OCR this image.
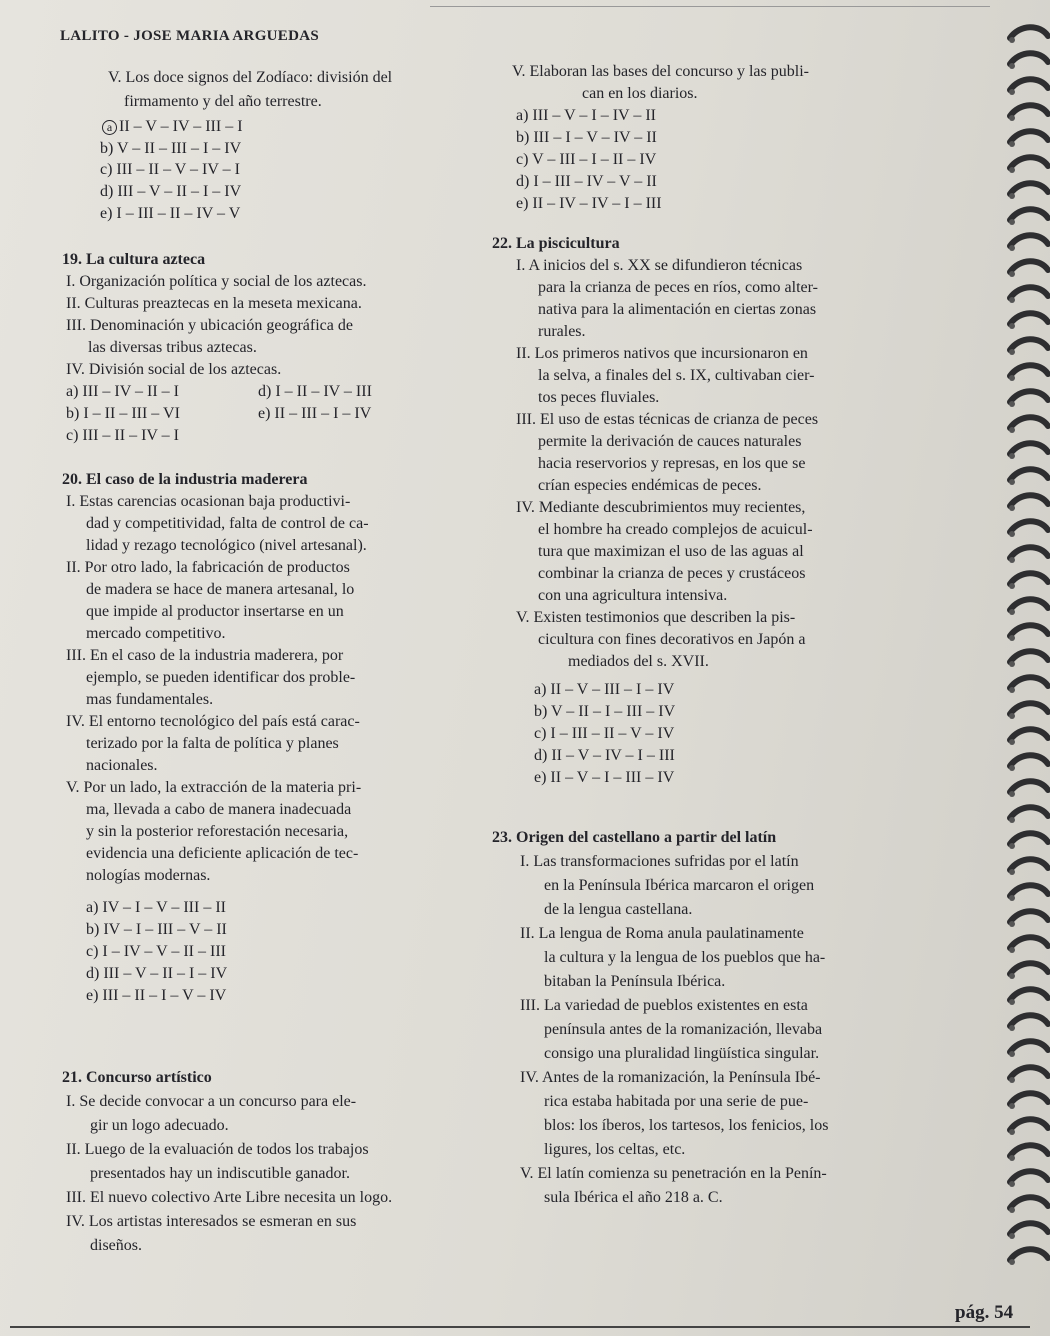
LALITO - JOSE MARIA ARGUEDAS
V. Los doce signos del Zodíaco: división del
firmamento y del año terrestre.
a II – V – IV – III – I
b) V – II – III – I – IV
c) III – II – V – IV – I
d) III – V – II – I – IV
e) I – III – II – IV – V
19. La cultura azteca
I. Organización política y social de los aztecas.
II. Culturas preaztecas en la meseta mexicana.
III. Denominación y ubicación geográfica de
las diversas tribus aztecas.
IV. División social de los aztecas.
a) III – IV – II – I	d) I – II – IV – III
b) I – II – III – VI	e) II – III – I – IV
c) III – II – IV – I
20. El caso de la industria maderera
I. Estas carencias ocasionan baja productivi-
dad y competitividad, falta de control de ca-
lidad y rezago tecnológico (nivel artesanal).
II. Por otro lado, la fabricación de productos
de madera se hace de manera artesanal, lo
que impide al productor insertarse en un
mercado competitivo.
III. En el caso de la industria maderera, por
ejemplo, se pueden identificar dos proble-
mas fundamentales.
IV. El entorno tecnológico del país está carac-
terizado por la falta de política y planes
nacionales.
V. Por un lado, la extracción de la materia pri-
ma, llevada a cabo de manera inadecuada
y sin la posterior reforestación necesaria,
evidencia una deficiente aplicación de tec-
nologías modernas.
a) IV – I – V – III – II
b) IV – I – III – V – II
c) I – IV – V – II – III
d) III – V – II – I – IV
e) III – II – I – V – IV
21. Concurso artístico
I. Se decide convocar a un concurso para ele-
gir un logo adecuado.
II. Luego de la evaluación de todos los trabajos
presentados hay un indiscutible ganador.
III. El nuevo colectivo Arte Libre necesita un logo.
IV. Los artistas interesados se esmeran en sus
diseños.
V. Elaboran las bases del concurso y las publi-
can en los diarios.
a) III – V – I – IV – II
b) III – I – V – IV – II
c) V – III – I – II – IV
d) I – III – IV – V – II
e) II – IV – IV – I – III
22. La piscicultura
I. A inicios del s. XX se difundieron técnicas
para la crianza de peces en ríos, como alter-
nativa para la alimentación en ciertas zonas
rurales.
II. Los primeros nativos que incursionaron en
la selva, a finales del s. IX, cultivaban cier-
tos peces fluviales.
III. El uso de estas técnicas de crianza de peces
permite la derivación de cauces naturales
hacia reservorios y represas, en los que se
crían especies endémicas de peces.
IV. Mediante descubrimientos muy recientes,
el hombre ha creado complejos de acuicul-
tura que maximizan el uso de las aguas al
combinar la crianza de peces y crustáceos
con una agricultura intensiva.
V. Existen testimonios que describen la pis-
cicultura con fines decorativos en Japón a
mediados del s. XVII.
a) II – V – III – I – IV
b) V – II – I – III – IV
c) I – III – II – V – IV
d) II – V – IV – I – III
e) II – V – I – III – IV
23. Origen del castellano a partir del latín
I. Las transformaciones sufridas por el latín
en la Península Ibérica marcaron el origen
de la lengua castellana.
II. La lengua de Roma anula paulatinamente
la cultura y la lengua de los pueblos que ha-
bitaban la Península Ibérica.
III. La variedad de pueblos existentes en esta
península antes de la romanización, llevaba
consigo una pluralidad lingüística singular.
IV. Antes de la romanización, la Península Ibé-
rica estaba habitada por una serie de pue-
blos: los íberos, los tartesos, los fenicios, los
ligures, los celtas, etc.
V. El latín comienza su penetración en la Penín-
sula Ibérica el año 218 a. C.
pág. 54
